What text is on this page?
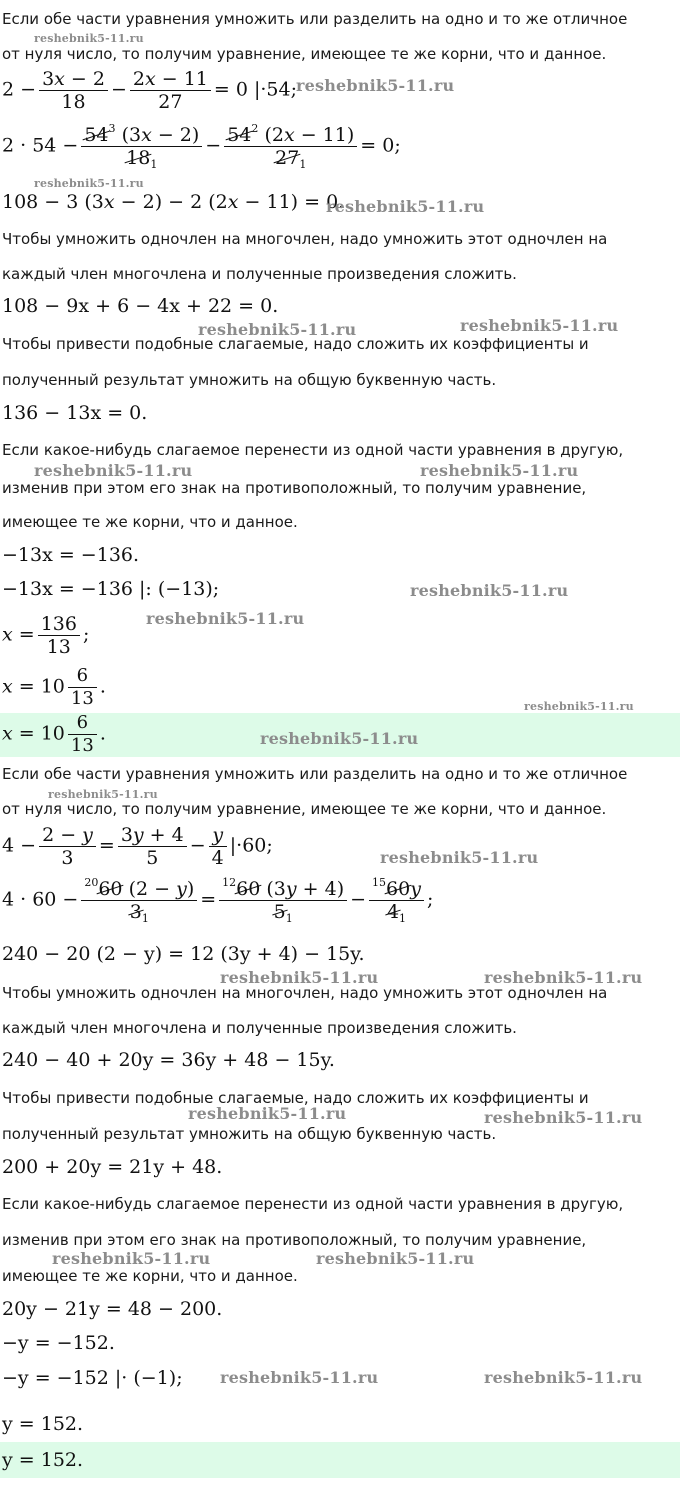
Если обе части уравнения умножить или разделить на одно и то же отличное
от нуля число, то получим уравнение, имеющее те же корни, что и данное.
$2 - \frac{3x - 2}{18} - \frac{2x - 11}{27} = 0$ |·54;
$2 \cdot 54 - \frac{54^3 (3x - 2)}{18_1} - \frac{54^2 (2x - 11)}{27_1} = 0$;
108 − 3 (3x − 2) − 2 (2x − 11) = 0.
Чтобы умножить одночлен на многочлен, надо умножить этот одночлен на
каждый член многочлена и полученные произведения сложить.
108 − 9x + 6 − 4x + 22 = 0.
Чтобы привести подобные слагаемые, надо сложить их коэффициенты и
полученный результат умножить на общую буквенную часть.
136 − 13x = 0.
Если какое-нибудь слагаемое перенести из одной части уравнения в другую,
изменив при этом его знак на противоположный, то получим уравнение,
имеющее те же корни, что и данное.
−13x = −136.
−13x = −136 |: (−13);
$x = \frac{136}{13}$ ;
$x = 10 \frac{6}{13}$ .
$x = 10 \frac{6}{13}$ .
Если обе части уравнения умножить или разделить на одно и то же отличное
от нуля число, то получим уравнение, имеющее те же корни, что и данное.
$4 - \frac{2 - y}{3} = \frac{3y + 4}{5} - \frac{y}{4} |\cdot 60$;
$4 \cdot 60 - \frac{^{20}60 (2 - y)}{3_1} = \frac{^{12}60 (3y + 4)}{5_1} - \frac{^{15}60y}{4_1}$ ;
240 − 20 (2 − y) = 12 (3y + 4) − 15y.
Чтобы умножить одночлен на многочлен, надо умножить этот одночлен на
каждый член многочлена и полученные произведения сложить.
240 − 40 + 20y = 36y + 48 − 15y.
Чтобы привести подобные слагаемые, надо сложить их коэффициенты и
полученный результат умножить на общую буквенную часть.
200 + 20y = 21y + 48.
Если какое-нибудь слагаемое перенести из одной части уравнения в другую,
изменив при этом его знак на противоположный, то получим уравнение,
имеющее те же корни, что и данное.
20y − 21y = 48 − 200.
−y = −152.
−y = −152 |· (−1);
y = 152.
y = 152.
reshebnik5-11.ru
reshebnik5-11.ru
reshebnik5-11.ru
reshebnik5-11.ru
reshebnik5-11.ru	reshebnik5-11.ru
reshebnik5-11.ru	reshebnik5-11.ru
reshebnik5-11.ru
reshebnik5-11.ru
reshebnik5-11.ru
reshebnik5-11.ru
reshebnik5-11.ru
reshebnik5-11.ru
reshebnik5-11.ru	reshebnik5-11.ru
reshebnik5-11.ru	reshebnik5-11.ru
reshebnik5-11.ru	reshebnik5-11.ru
reshebnik5-11.ru	reshebnik5-11.ru
